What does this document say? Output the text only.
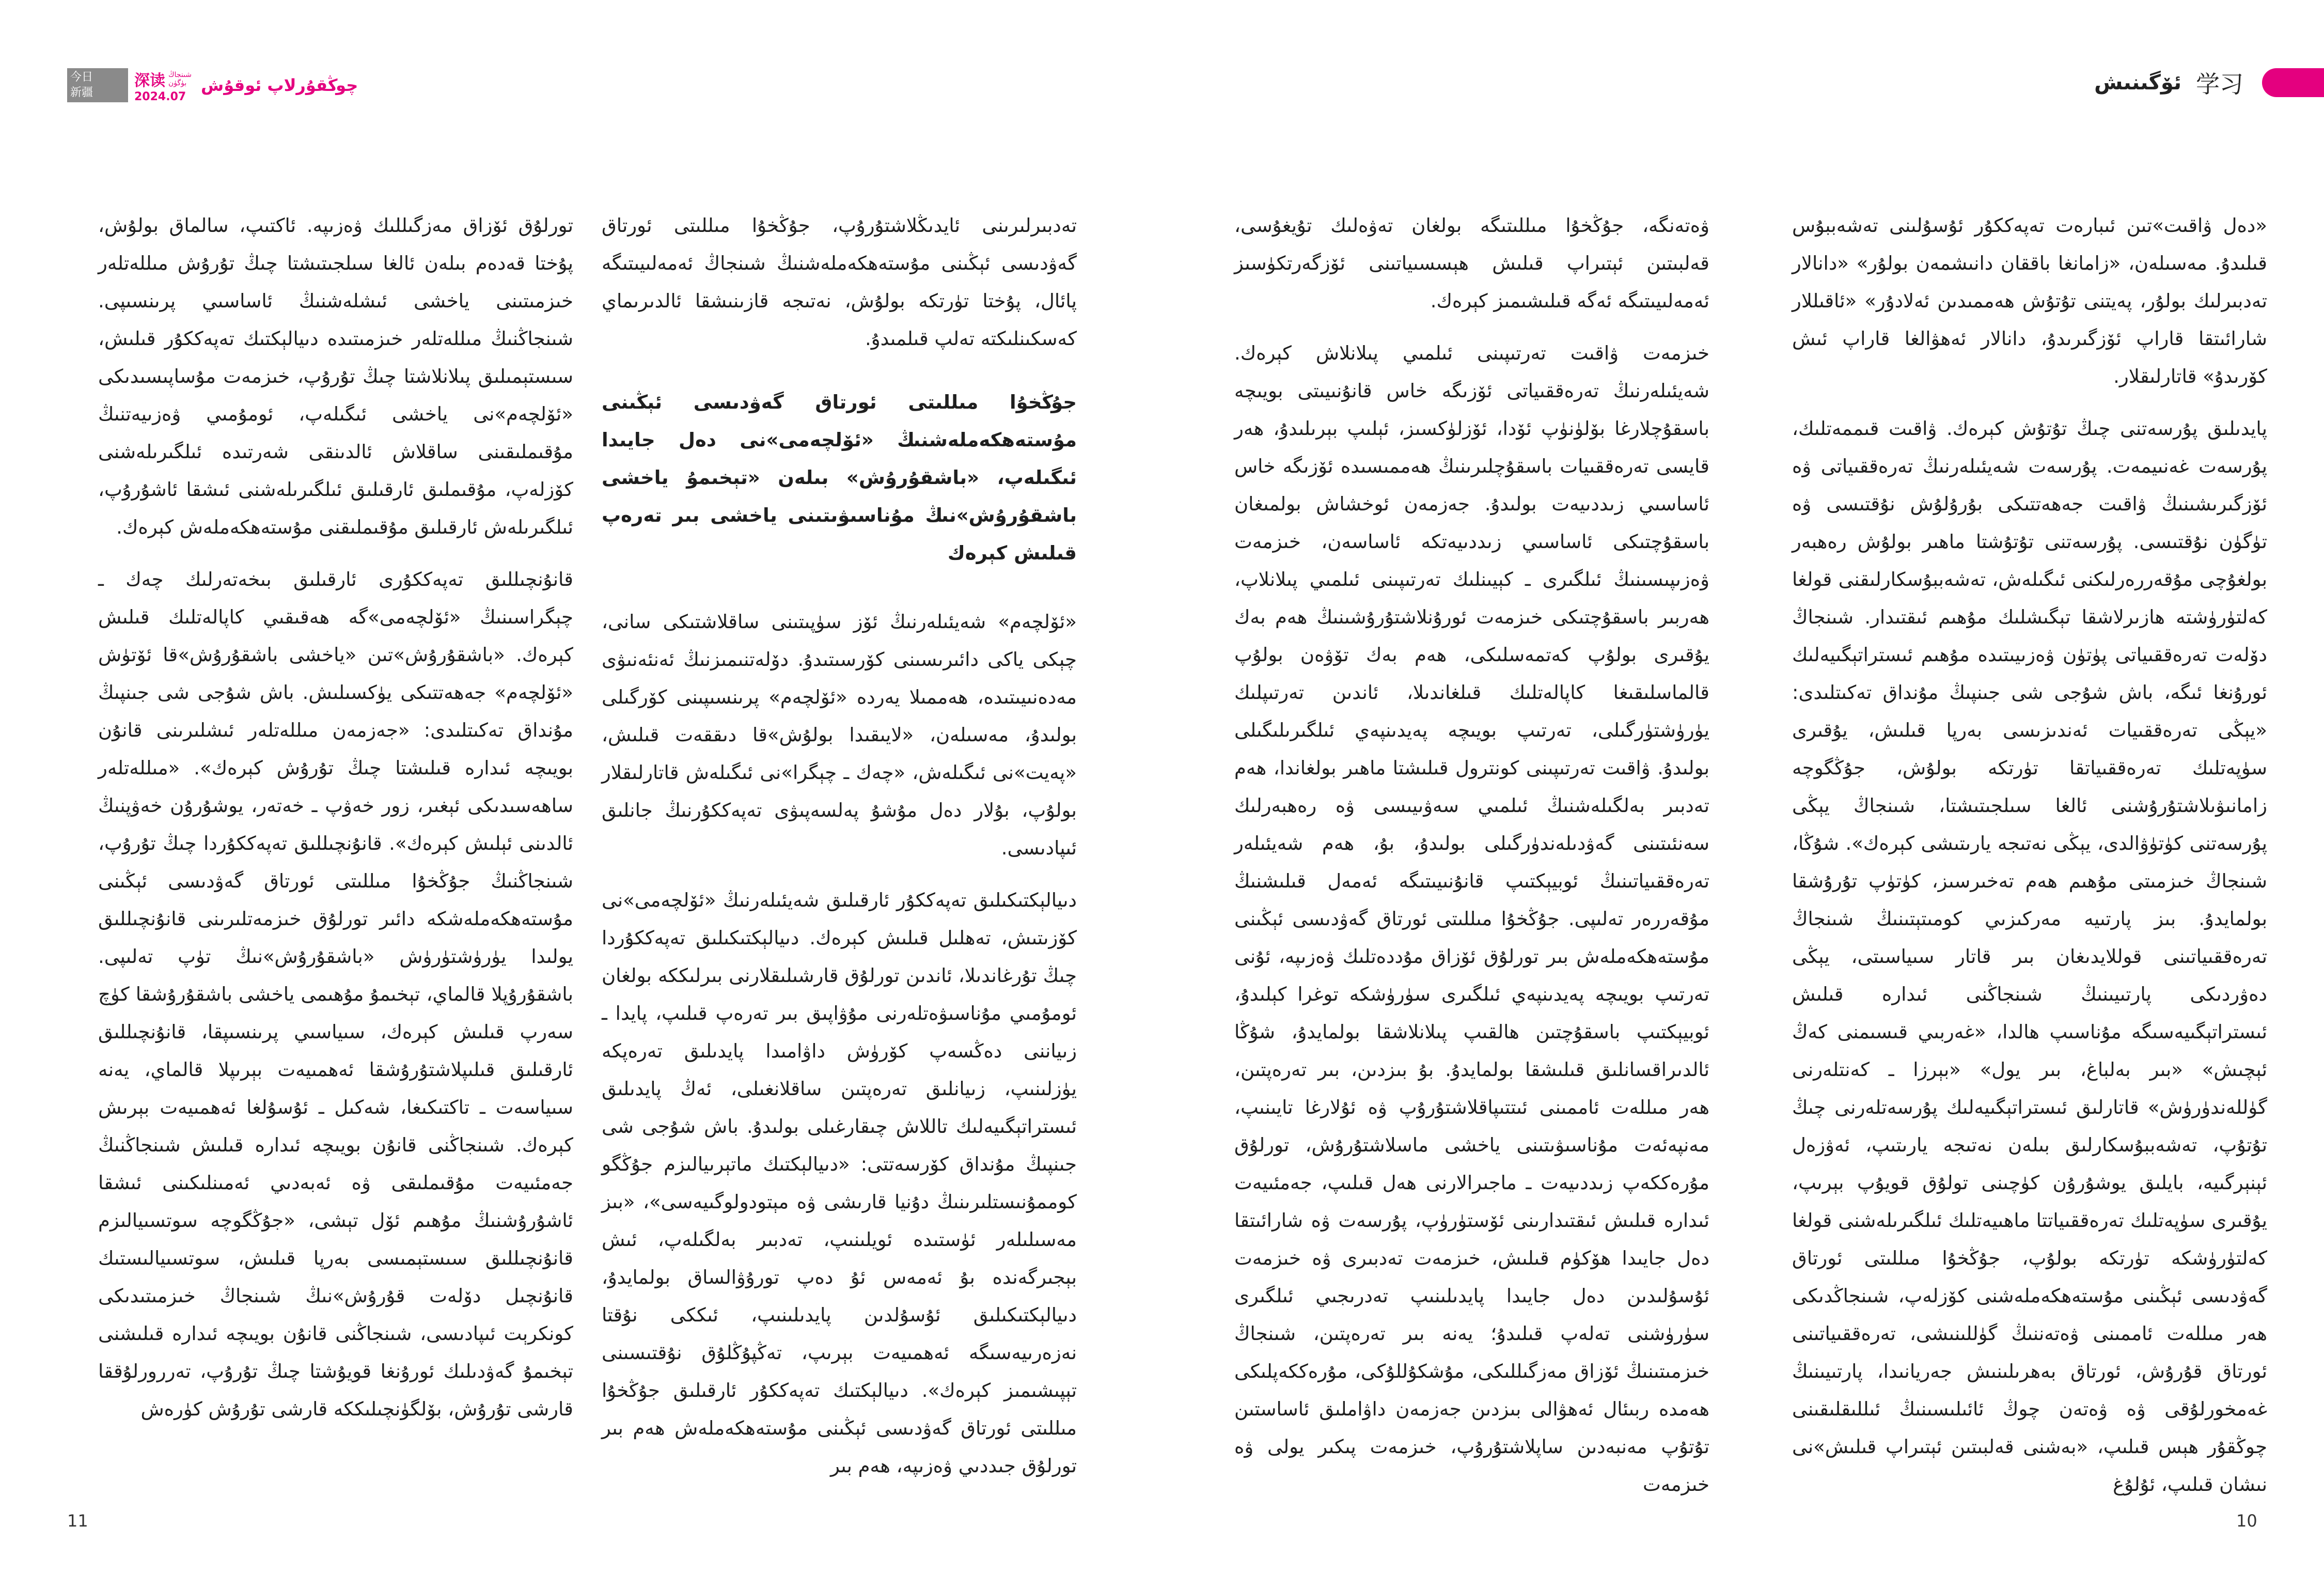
今日
新疆
深读 شىنجاڭ
بۈگۈن
2024.07
چوڭقۇرلاپ ئوقۇش

تورلۇق ئۆزاق مەزگىللىك ۋەزىپە. ئاكتىپ، سالماق بولۇش، پۇختا قەدەم بىلەن ئالغا سىلجىتىشتا چىڭ تۇرۇش مىللەتلەر خىزمىتىنى ياخشى ئىشلەشنىڭ ئاساسىي پرىنسىپى. شىنجاڭنىڭ مىللەتلەر خىزمىتىدە دىيالېكتىك تەپەككۇر قىلىش، سىستېمىلىق پىلانلاشتا چىڭ تۇرۇپ، خىزمەت مۇساپىسىدىكى «ئۆلچەم»نى ياخشى ئىگىلەپ، ئومۇمىي ۋەزىيەتنىڭ مۇقىملىقىنى ساقلاش ئالدىنقى شەرتىدە ئىلگىرىلەشنى كۆزلەپ، مۇقىملىق ئارقىلىق ئىلگىرىلەشنى ئىشقا ئاشۇرۇپ، ئىلگىرىلەش ئارقىلىق مۇقىملىقنى مۇستەھكەملەش كېرەك.

قانۇنچىللىق تەپەككۇرى ئارقىلىق بىخەتەرلىك چەك ـ چېگراسىنىڭ «ئۆلچەمى»گە ھەقىقىي كاپالەتلىك قىلىش كېرەك. «باشقۇرۇش»تىن «ياخشى باشقۇرۇش»قا ئۆتۈش «ئۆلچەم» جەھەتتىكى يۈكسىلىش. باش شۇجى شى جىنپىڭ مۇنداق تەكىتلىدى: «جەزمەن مىللەتلەر ئىشلىرىنى قانۇن بويىچە ئىدارە قىلىشتا چىڭ تۇرۇش كېرەك». «مىللەتلەر ساھەسىدىكى ئېغىر، زور خەۋپ ـ خەتەر، يوشۇرۇن خەۋپنىڭ ئالدىنى ئېلىش كېرەك». قانۇنچىللىق تەپەككۇردا چىڭ تۇرۇپ، شىنجاڭنىڭ جۇڭخۇا مىللىتى ئورتاق گەۋدىسى ئېڭىنى مۇستەھكەملەشكە دائىر تورلۇق خىزمەتلىرىنى قانۇنچىللىق يولىدا يۈرۈشتۈرۈش «باشقۇرۇش»نىڭ تۈپ تەلىپى. باشقۇرۇپلا قالماي، تېخىمۇ مۇھىمى ياخشى باشقۇرۇشقا كۈچ سەرپ قىلىش كېرەك، سىياسىي پرىنسىپقا، قانۇنچىللىق ئارقىلىق قىلىپلاشتۇرۇشقا ئەھمىيەت بېرىپلا قالماي، يەنە سىياسەت ـ تاكتىكىغا، شەكىل ـ ئۇسۇلغا ئەھمىيەت بېرىش كېرەك. شىنجاڭنى قانۇن بويىچە ئىدارە قىلىش شىنجاڭنىڭ جەمئىيەت مۇقىملىقى ۋە ئەبەدىي ئەمىنلىكىنى ئىشقا ئاشۇرۇشنىڭ مۇھىم ئۆل تېشى، «جۇڭگوچە سوتسىيالىزم قانۇنچىللىق سىستېمىسى بەرپا قىلىش، سوتسىيالىستىك قانۇنچىل دۆلەت قۇرۇش»نىڭ شىنجاڭ خىزمىتىدىكى كونكرېت ئىپادىسى، شىنجاڭنى قانۇن بويىچە ئىدارە قىلىشنى تېخىمۇ گەۋدىلىك ئورۇنغا قويۇشتا چىڭ تۇرۇپ، تەررورلۇققا قارشى تۇرۇش، بۆلگۈنچىلىككە قارشى تۇرۇش كۈرەش

تەدبىرلىرىنى ئايدىڭلاشتۇرۇپ، جۇڭخۇا مىللىتى ئورتاق گەۋدىسى ئېڭىنى مۇستەھكەملەشنىڭ شىنجاڭ ئەمەلىيىتىگە پائال، پۇختا تۈرتكە بولۇش، نەتىجە قازىنىشقا ئالدىرىماي كەسكىنلىكتە تەلپ قىلمىدۇ.

جۇڭخۇا مىللىتى ئورتاق گەۋدىسى ئېڭىنى مۇستەھكەملەشنىڭ «ئۆلچەمى»نى دەل جايىدا ئىگىلەپ، «باشقۇرۇش» بىلەن «تېخىمۇ ياخشى باشقۇرۇش»نىڭ مۇناسىۋىتىنى ياخشى بىر تەرەپ قىلىش كېرەك

«ئۆلچەم» شەيئىلەرنىڭ ئۆز سۈپىتىنى ساقلاشتىكى سانى، چېكى ياكى دائىرىسىنى كۆرسىتىدۇ. دۆلەتنىمىزنىڭ ئەنئەنىۋى مەدەنىيىتىدە، ھەممىلا يەردە «ئۆلچەم» پرىنسىپىنى كۆرگىلى بولىدۇ، مەسىلەن، «لايىقىدا بولۇش»قا دىققەت قىلىش، «پەيت»نى ئىگىلەش، «چەك ـ چېگرا»نى ئىگىلەش قاتارلىقلار بولۇپ، بۇلار دەل مۇشۇ پەلسەپىۋى تەپەككۇرنىڭ جانلىق ئىپادىسى.

دىيالېكتىكىلىق تەپەككۇر ئارقىلىق شەيئىلەرنىڭ «ئۆلچەمى»نى كۆزىتىش، تەھلىل قىلىش كېرەك. دىيالېكتىكىلىق تەپەككۇردا چىڭ تۇرغاندىلا، ئاندىن تورلۇق قارشىلىقلارنى بىرلىككە بولغان ئومۇمىي مۇناسىۋەتلەرنى مۇۋاپىق بىر تەرەپ قىلىپ، پايدا ـ زىياننى دەڭسەپ كۆرۈش داۋامىدا پايدىلىق تەرەپكە يۈزلىنىپ، زىيانلىق تەرەپتىن ساقلانغىلى، ئەڭ پايدىلىق ئىستراتېگىيەلىك تاللاش چىقارغىلى بولىدۇ. باش شۇجى شى جىنپىڭ مۇنداق كۆرسەتتى: «دىيالېكتىك ماتېرىيالىزم جۇڭگو كوممۇنىستلىرىنىڭ دۇنيا قارىشى ۋە مېتودولوگىيەسى»، «بىز مەسىلىلەر ئۈستىدە ئويلىنىپ، تەدبىر بەلگىلەپ، ئىش بېجىرگەندە بۇ ئەمەس ئۇ دەپ تورۇۋالساق بولمايدۇ، دىيالېكتىكىلىق ئۇسۇلدىن پايدىلىنىپ، ئىككى نۇقتا نەزەرىيەسىگە ئەھمىيەت بېرىپ، تەڭپۇڭلۇق نۇقتىسىنى تېپىشىمىز كېرەك». دىيالېكتىك تەپەككۇر ئارقىلىق جۇڭخۇا مىللىتى ئورتاق گەۋدىسى ئېڭىنى مۇستەھكەملەش ھەم بىر تورلۇق جىددىي ۋەزىپە، ھەم بىر

11
ئۆگىنىش 学习

ۋەتەنگە، جۇڭخۇا مىللىتىگە بولغان تەۋەلىك تۇيغۇسى، قەلبىتىن ئېتىراپ قىلىش ھېسسىياتىنى ئۆزگەرتكۈسىز ئەمەلىيىتىگە ئەگە قىلىشىمىز كېرەك.

خىزمەت ۋاقىت تەرتىپىنى ئىلمىي پىلانلاش كېرەك. شەيئىلەرنىڭ تەرەققىياتى ئۆزىگە خاس قانۇنىيىتى بويىچە باسقۇچلارغا بۆلۈنۈپ ئۆدا، ئۆزلۈكسىز، ئېلىپ بېرىلىدۇ، ھەر قايسى تەرەققىيات باسقۇچلىرىنىڭ ھەممىسىدە ئۆزىگە خاس ئاساسىي زىددىيەت بولىدۇ. جەزمەن ئوخشاش بولمىغان باسقۇچتىكى ئاساسىي زىددىيەتكە ئاساسەن، خىزمەت ۋەزىپىسىنىڭ ئىلگىرى ـ كېيىنلىك تەرتىپىنى ئىلمىي پىلانلاپ، ھەربىر باسقۇچتىكى خىزمەت ئورۇنلاشتۇرۇشىنىڭ ھەم بەك يۇقىرى بولۇپ كەتمەسلىكى، ھەم بەك تۆۋەن بولۇپ قالماسلىقىغا كاپالەتلىك قىلغاندىلا، ئاندىن تەرتىپلىك يۈرۈشتۈرگىلى، تەرتىپ بويىچە پەيدىنپەي ئىلگىرىلىگىلى بولىدۇ. ۋاقىت تەرتىپىنى كونترول قىلىشتا ماھىر بولغاندا، ھەم تەدبىر بەلگىلەشنىڭ ئىلمىي سەۋىيىسى ۋە رەھبەرلىك سەنئىتىنى گەۋدىلەندۈرگىلى بولىدۇ، بۇ، ھەم شەيئىلەر تەرەققىياتىنىڭ ئوبيېكتىپ قانۇنىيىتىگە ئەمەل قىلىشنىڭ مۇقەررەر تەلىپى. جۇڭخۇا مىللىتى ئورتاق گەۋدىسى ئېڭىنى مۇستەھكەملەش بىر تورلۇق ئۆزاق مۇددەتلىك ۋەزىپە، ئۇنى تەرتىپ بويىچە پەيدىنپەي ئىلگىرى سۈرۈشكە توغرا كېلىدۇ، ئوبيېكتىپ باسقۇچتىن ھالقىپ پىلانلاشقا بولمايدۇ، شۇڭا ئالدىراقسانلىق قىلىشقا بولمايدۇ. بۇ بىزدىن، بىر تەرەپتىن، ھەر مىللەت ئاممىنى ئىتتىپاقلاشتۇرۇپ ۋە ئۇلارغا تايىنىپ، مەنپەئەت مۇناسىۋىتىنى ياخشى ماسلاشتۇرۇش، تورلۇق مۇرەككەپ زىددىيەت ـ ماجىرالارنى ھەل قىلىپ، جەمئىيەت ئىدارە قىلىش ئىقتىدارىنى ئۆستۈرۈپ، پۇرسەت ۋە شارائىتقا دەل جايىدا ھۆكۈم قىلىش، خىزمەت تەدبىرى ۋە خىزمەت ئۇسۇلىدىن دەل جايىدا پايدىلىنىپ تەدرىجىي ئىلگىرى سۈرۈشنى تەلەپ قىلىدۇ؛ يەنە بىر تەرەپتىن، شىنجاڭ خىزمىتىنىڭ ئۆزاق مەزگىللىكى، مۇشكۇللۇكى، مۇرەككەپلىكى ھەمدە ربىئال ئەھۋالى بىزدىن جەزمەن داۋاملىق ئاساستىن تۇتۇپ مەنبەدىن ساپلاشتۇرۇپ، خىزمەت پىكىر يولى ۋە خىزمەت

«دەل ۋاقىت»تىن ئىبارەت تەپەككۇر ئۇسۇلىنى تەشەببۇس قىلىدۇ. مەسىلەن، «زامانغا باققان دانىشمەن بولۇر» «دانالار تەدبىرلىك بولۇر، پەيتنى تۇتۇش ھەممىدىن ئەلادۇر» «ئاقىللار شارائىتقا قاراپ ئۆزگىرىدۇ، دانالار ئەھۋالغا قاراپ ئىش كۆرىدۇ» قاتارلىقلار.

پايدىلىق پۇرسەتنى چىڭ تۇتۇش كېرەك. ۋاقىت قىممەتلىك، پۇرسەت غەنىيمەت. پۇرسەت شەيئىلەرنىڭ تەرەققىياتى ۋە ئۆزگىرىشىنىڭ ۋاقىت جەھەتتىكى بۇرۇلۇش نۇقتىسى ۋە تۈگۈن نۇقتىسى. پۇرسەتنى تۇتۇشتا ماھىر بولۇش رەھبەر بولغۇچى مۇقەررەرلىكنى ئىگىلەش، تەشەببۇسكارلىقنى قولغا كەلتۈرۈشتە ھازىرلاشقا تېگىشلىك مۇھىم ئىقتىدار. شىنجاڭ دۆلەت تەرەققىياتى پۈتۈن ۋەزىيىتىدە مۇھىم ئىستراتېگىيەلىك ئورۇنغا ئىگە، باش شۇجى شى جىنپىڭ مۇنداق تەكىتلىدى: «يېڭى تەرەققىيات ئەندىزىسى بەرپا قىلىش، يۇقىرى سۈپەتلىك تەرەققىياتقا تۈرتكە بولۇش، جۇڭگوچە زامانىۋىلاشتۇرۇشنى ئالغا سىلجىتىشتا، شىنجاڭ يېڭى پۇرسەتنى كۈتۈۋالدى، يېڭى نەتىجە يارىتىشى كېرەك». شۇڭا، شىنجاڭ خىزمىتى مۇھىم ھەم تەخىرسىز، كۈتۈپ تۇرۇشقا بولمايدۇ. بىز پارتىيە مەركىزىي كومىتېتىنىڭ شىنجاڭ تەرەققىياتىنى قوللايدىغان بىر قاتار سىياسىتى، يېڭى دەۋردىكى پارتىيىنىڭ شىنجاڭنى ئىدارە قىلىش ئىستراتېگىيەسىگە مۇناسىپ ھالدا، «غەربىي قىسىمنى كەڭ ئېچىش» «بىر بەلباغ، بىر يول» «بېرزا ـ كەنتلەرنى گۈللەندۈرۈش» قاتارلىق ئىستراتېگىيەلىك پۇرسەتلەرنى چىڭ تۇتۇپ، تەشەببۇسكارلىق بىلەن نەتىجە يارىتىپ، ئەۋزەل ئېنېرگىيە، بايلىق يوشۇرۇن كۈچىنى تولۇق قويۇپ بېرىپ، يۇقىرى سۈپەتلىك تەرەققىياتتا ماھىيەتلىك ئىلگىرىلەشنى قولغا كەلتۈرۈشكە تۈرتكە بولۇپ، جۇڭخۇا مىللىتى ئورتاق گەۋدىسى ئېڭىنى مۇستەھكەملەشنى كۆزلەپ، شىنجاڭدىكى ھەر مىللەت ئاممىنى ۋەتەننىڭ گۈللىنىشى، تەرەققىياتىنى ئورتاق قۇرۇش، ئورتاق بەھرىلىنىش جەريانىدا، پارتىيىنىڭ غەمخورلۇقى ۋە ۋەتەن چوڭ ئائىلىسىنىڭ ئىللىقلىقىنى چوڭقۇر ھېس قىلىپ، «بەشنى قەلبىتىن ئېتىراپ قىلىش»نى نىشان قىلىپ، ئۇلۇغ

10
